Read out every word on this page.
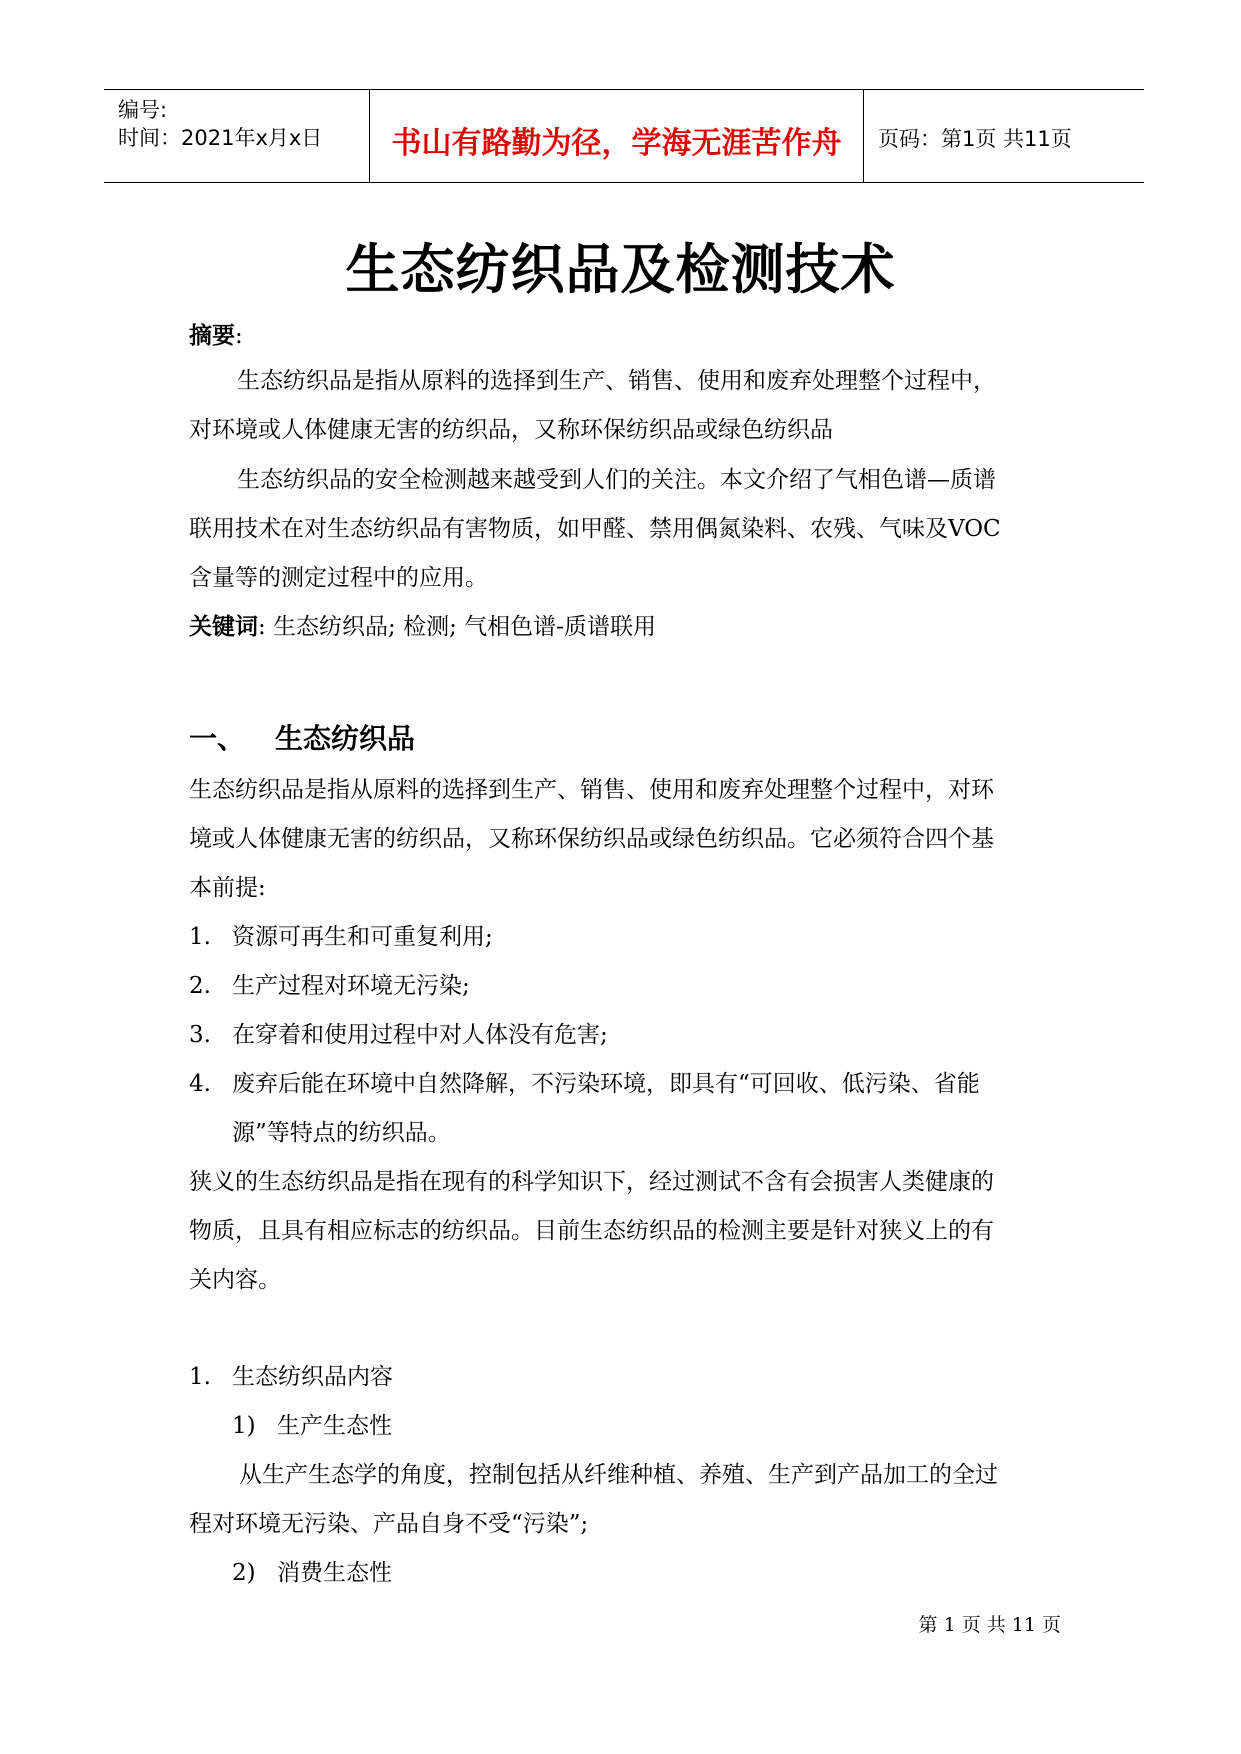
编号:
时间：2021年x月x日	书山有路勤为径，学海无涯苦作舟	页码：第1页 共11页
生态纺织品及检测技术
摘要:
生态纺织品是指从原料的选择到生产、销售、使用和废弃处理整个过程中，
对环境或人体健康无害的纺织品，又称环保纺织品或绿色纺织品
生态纺织品的安全检测越来越受到人们的关注。本文介绍了气相色谱—质谱
联用技术在对生态纺织品有害物质，如甲醛、禁用偶氮染料、农残、气味及VOC
含量等的测定过程中的应用。
关键词: 生态纺织品; 检测; 气相色谱-质谱联用
一、 生态纺织品
生态纺织品是指从原料的选择到生产、销售、使用和废弃处理整个过程中，对环
境或人体健康无害的纺织品，又称环保纺织品或绿色纺织品。它必须符合四个基
本前提:
1. 资源可再生和可重复利用;
2. 生产过程对环境无污染;
3. 在穿着和使用过程中对人体没有危害;
4. 废弃后能在环境中自然降解，不污染环境，即具有“可回收、低污染、省能
源”等特点的纺织品。
狭义的生态纺织品是指在现有的科学知识下，经过测试不含有会损害人类健康的
物质，且具有相应标志的纺织品。目前生态纺织品的检测主要是针对狭义上的有
关内容。
1. 生态纺织品内容
1) 生产生态性
从生产生态学的角度，控制包括从纤维种植、养殖、生产到产品加工的全过
程对环境无污染、产品自身不受“污染”;
2) 消费生态性
第 1 页 共 11 页
